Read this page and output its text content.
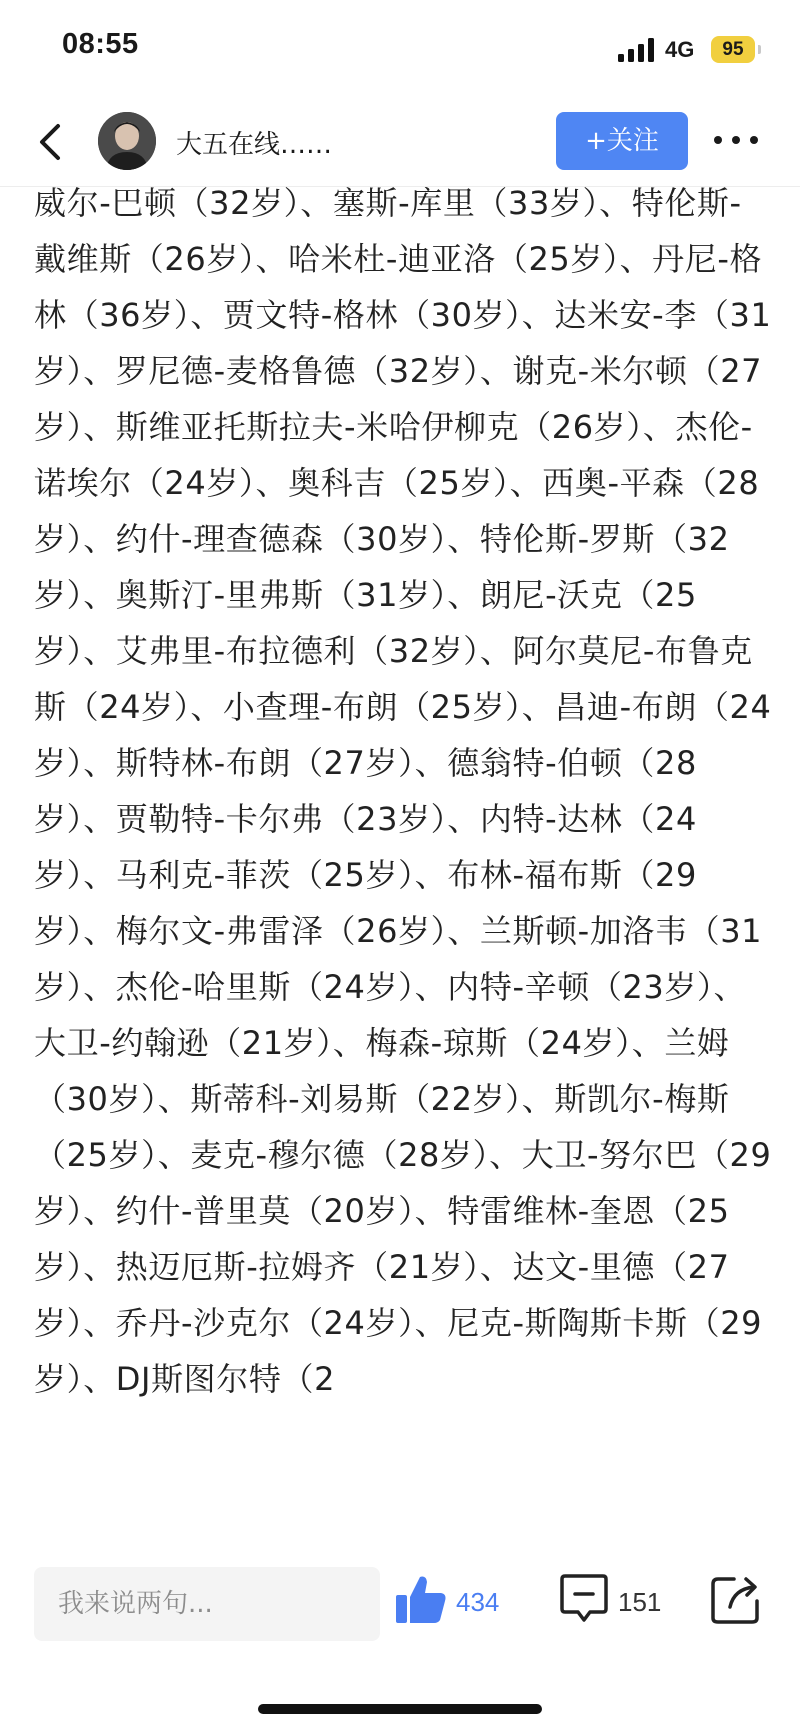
08:55	4G	95
大五在线……	+关注

威尔-巴顿（32岁）、塞斯-库里（33岁）、特伦斯-戴维斯（26岁）、哈米杜-迪亚洛（25岁）、丹尼-格林（36岁）、贾文特-格林（30岁）、达米安-李（31岁）、罗尼德-麦格鲁德（32岁）、谢克-米尔顿（27岁）、斯维亚托斯拉夫-米哈伊柳克（26岁）、杰伦-诺埃尔（24岁）、奥科吉（25岁）、西奥-平森（28岁）、约什-理查德森（30岁）、特伦斯-罗斯（32岁）、奥斯汀-里弗斯（31岁）、朗尼-沃克（25岁）、艾弗里-布拉德利（32岁）、阿尔莫尼-布鲁克斯（24岁）、小查理-布朗（25岁）、昌迪-布朗（24岁）、斯特林-布朗（27岁）、德翁特-伯顿（28岁）、贾勒特-卡尔弗（23岁）、内特-达林（24岁）、马利克-菲茨（25岁）、布林-福布斯（29岁）、梅尔文-弗雷泽（26岁）、兰斯顿-加洛韦（31岁）、杰伦-哈里斯（24岁）、内特-辛顿（23岁）、大卫-约翰逊（21岁）、梅森-琼斯（24岁）、兰姆（30岁）、斯蒂科-刘易斯（22岁）、斯凯尔-梅斯（25岁）、麦克-穆尔德（28岁）、大卫-努尔巴（29岁）、约什-普里莫（20岁）、特雷维林-奎恩（25岁）、热迈厄斯-拉姆齐（21岁）、达文-里德（27岁）、乔丹-沙克尔（24岁）、尼克-斯陶斯卡斯（29岁）、DJ斯图尔特（2

我来说两句...
434	151
